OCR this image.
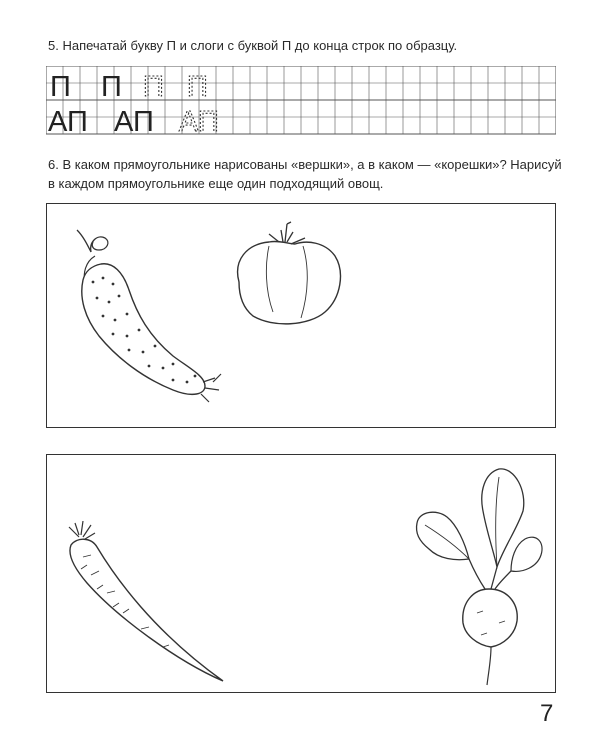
5. Напечатай букву П и слоги с буквой П до конца строк по образцу.

П П П П
АП АП АП

6. В каком прямоугольнике нарисованы «вершки», а в каком — «корешки»? Нарисуй в каждом прямоугольнике еще один подходящий овощ.

7
